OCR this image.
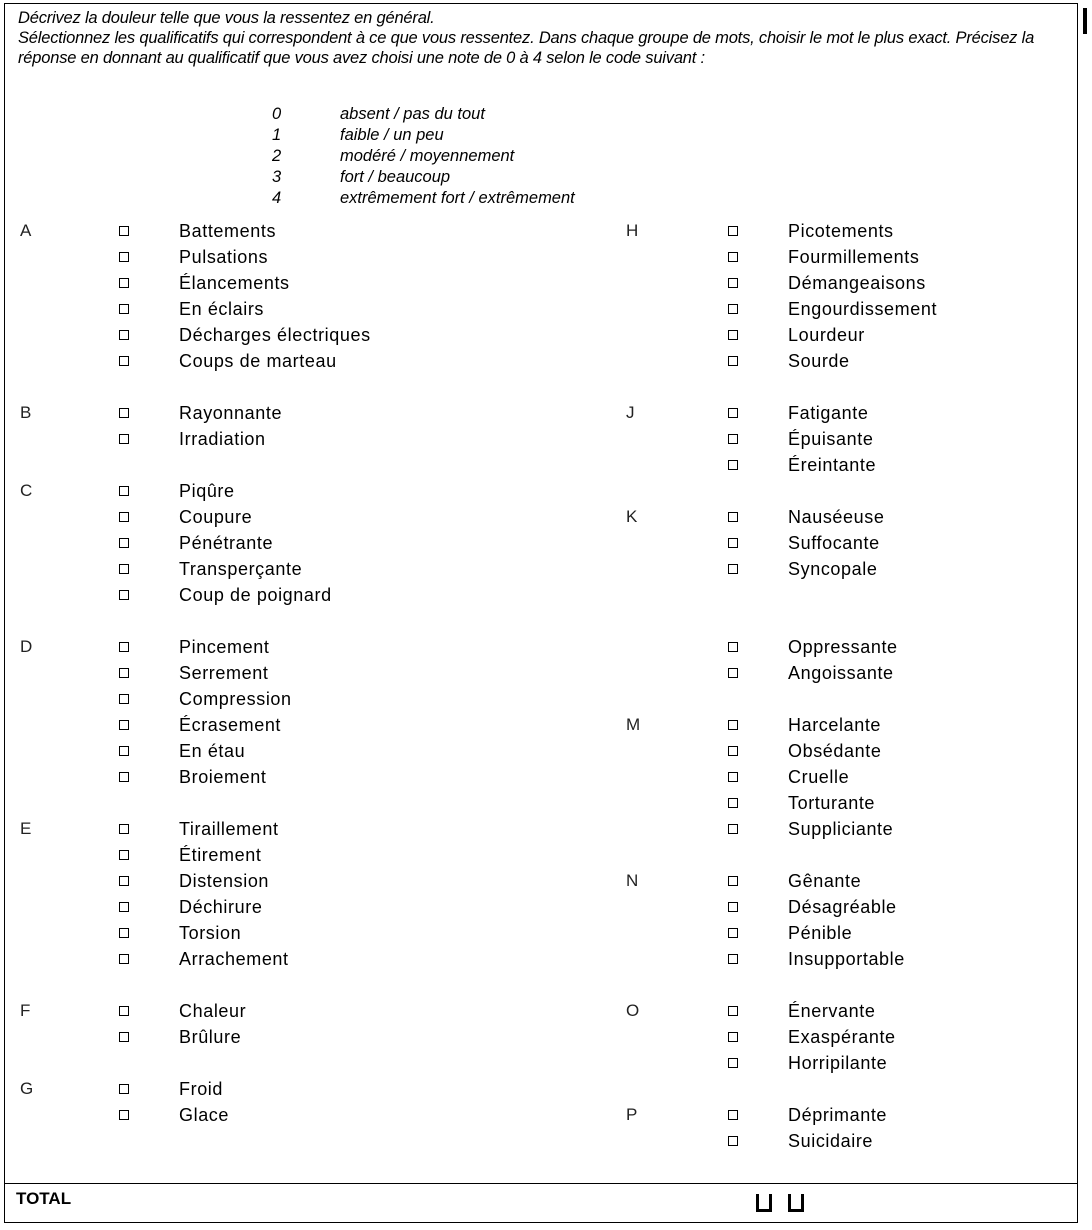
Décrivez la douleur telle que vous la ressentez en général.

Sélectionnez les qualificatifs qui correspondent à ce que vous ressentez. Dans chaque groupe de mots, choisir le mot le plus exact. Précisez la réponse en donnant au qualificatif que vous avez choisi une note de 0 à 4 selon le code suivant :

0	absent / pas du tout
1	faible / un peu
2	modéré / moyennement
3	fort / beaucoup
4	extrêmement fort / extrêmement
A	Battements
Pulsations
Élancements
En éclairs
Décharges électriques
Coups de marteau
B	Rayonnante
Irradiation
C	Piqûre
Coupure
Pénétrante
Transperçante
Coup de poignard
D	Pincement
Serrement
Compression
Écrasement
En étau
Broiement
E	Tiraillement
Étirement
Distension
Déchirure
Torsion
Arrachement
F	Chaleur
Brûlure
G	Froid
Glace
H	Picotements
Fourmillements
Démangeaisons
Engourdissement
Lourdeur
Sourde
J	Fatigante
Épuisante
Éreintante
K	Nauséeuse
Suffocante
Syncopale
Oppressante
Angoissante
M	Harcelante
Obsédante
Cruelle
Torturante
Suppliciante
N	Gênante
Désagréable
Pénible
Insupportable
O	Énervante
Exaspérante
Horripilante
P	Déprimante
Suicidaire
TOTAL
